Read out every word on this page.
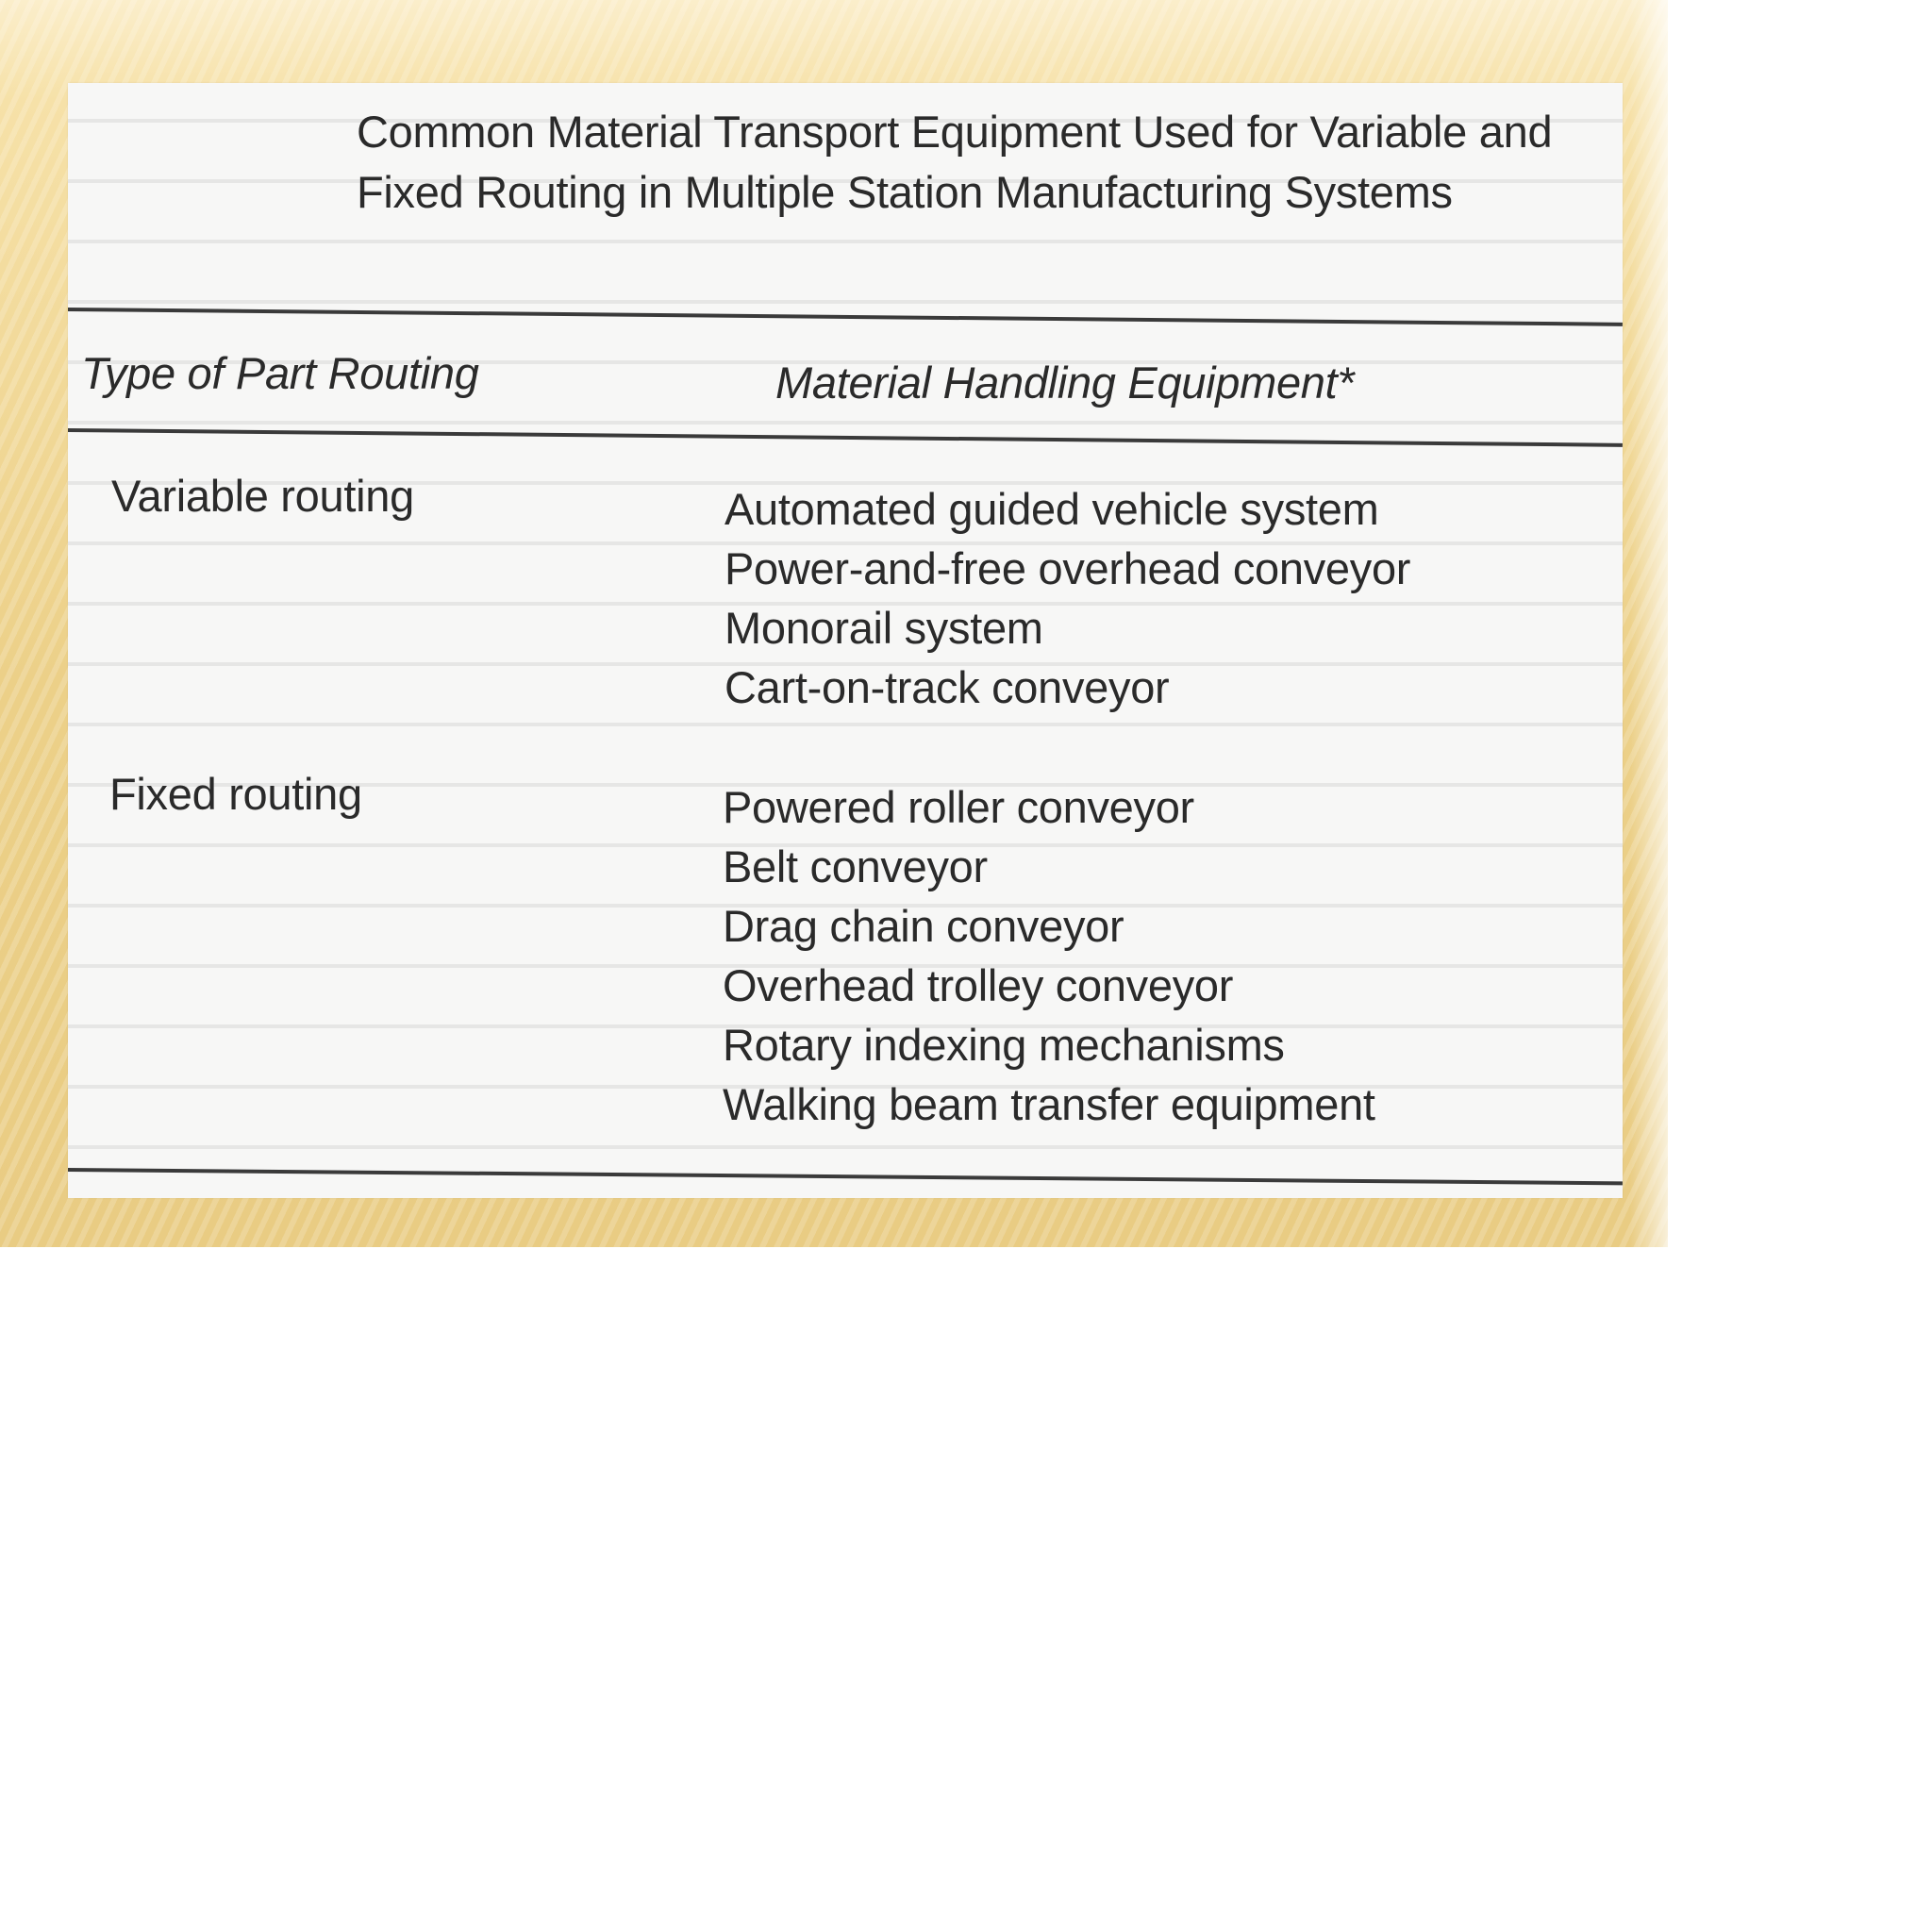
Common Material Transport Equipment Used for Variable and Fixed Routing in Multiple Station Manufacturing Systems
Type of Part Routing	Material Handling Equipment*
Variable routing	Automated guided vehicle system
Power-and-free overhead conveyor
Monorail system
Cart-on-track conveyor
Fixed routing	Powered roller conveyor
Belt conveyor
Drag chain conveyor
Overhead trolley conveyor
Rotary indexing mechanisms
Walking beam transfer equipment
